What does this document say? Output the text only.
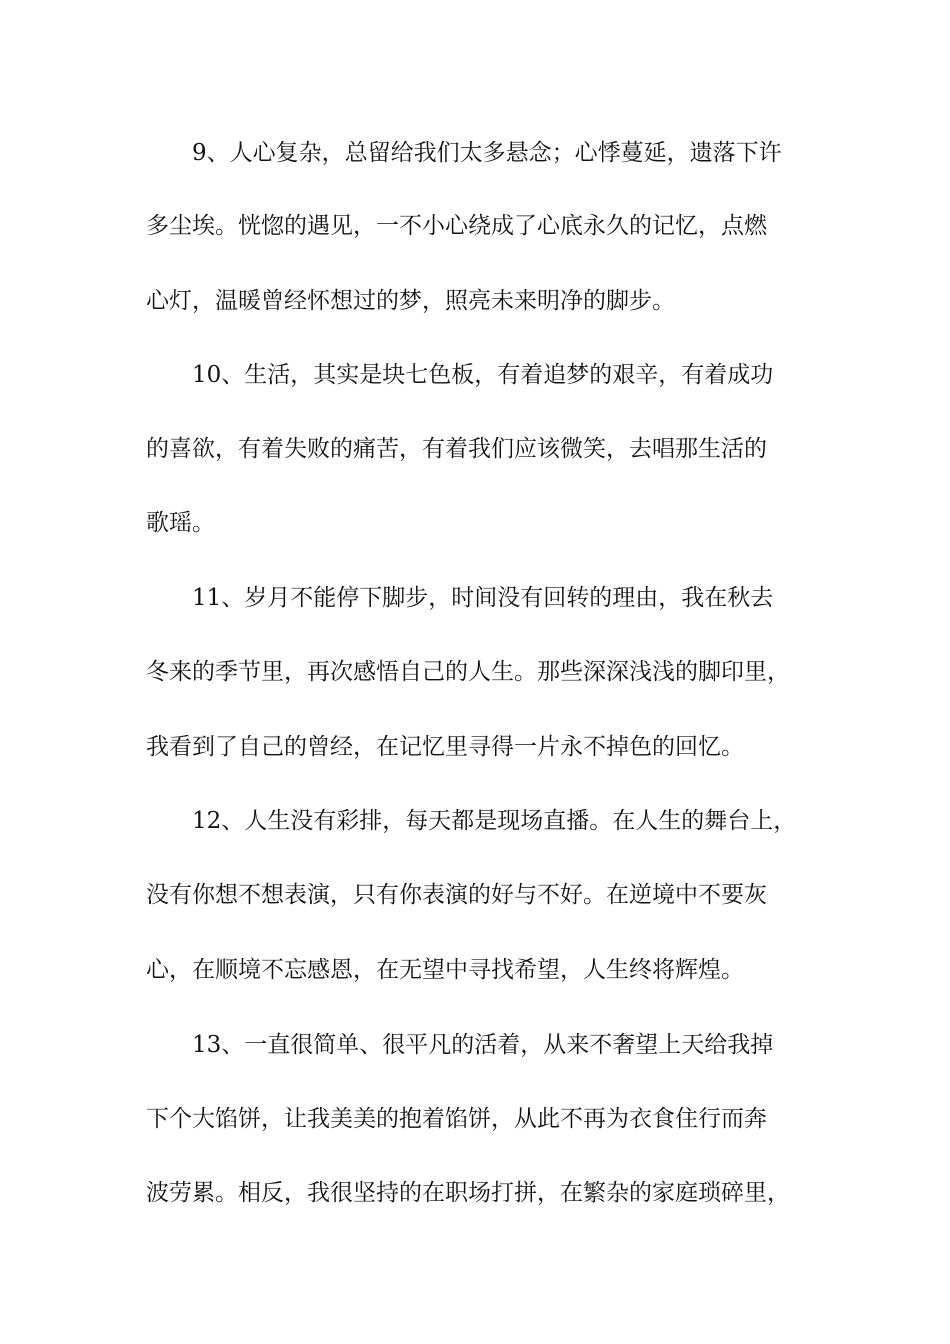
9、人心复杂，总留给我们太多悬念；心悸蔓延，遗落下许
多尘埃。恍惚的遇见，一不小心绕成了心底永久的记忆，点燃
心灯，温暖曾经怀想过的梦，照亮未来明净的脚步。
10、生活，其实是块七色板，有着追梦的艰辛，有着成功
的喜欲，有着失败的痛苦，有着我们应该微笑，去唱那生活的
歌瑶。
11、岁月不能停下脚步，时间没有回转的理由，我在秋去
冬来的季节里，再次感悟自己的人生。那些深深浅浅的脚印里，
我看到了自己的曾经，在记忆里寻得一片永不掉色的回忆。
12、人生没有彩排，每天都是现场直播。在人生的舞台上，
没有你想不想表演，只有你表演的好与不好。在逆境中不要灰
心，在顺境不忘感恩，在无望中寻找希望，人生终将辉煌。
13、一直很简单、很平凡的活着，从来不奢望上天给我掉
下个大馅饼，让我美美的抱着馅饼，从此不再为衣食住行而奔
波劳累。相反，我很坚持的在职场打拼，在繁杂的家庭琐碎里，
